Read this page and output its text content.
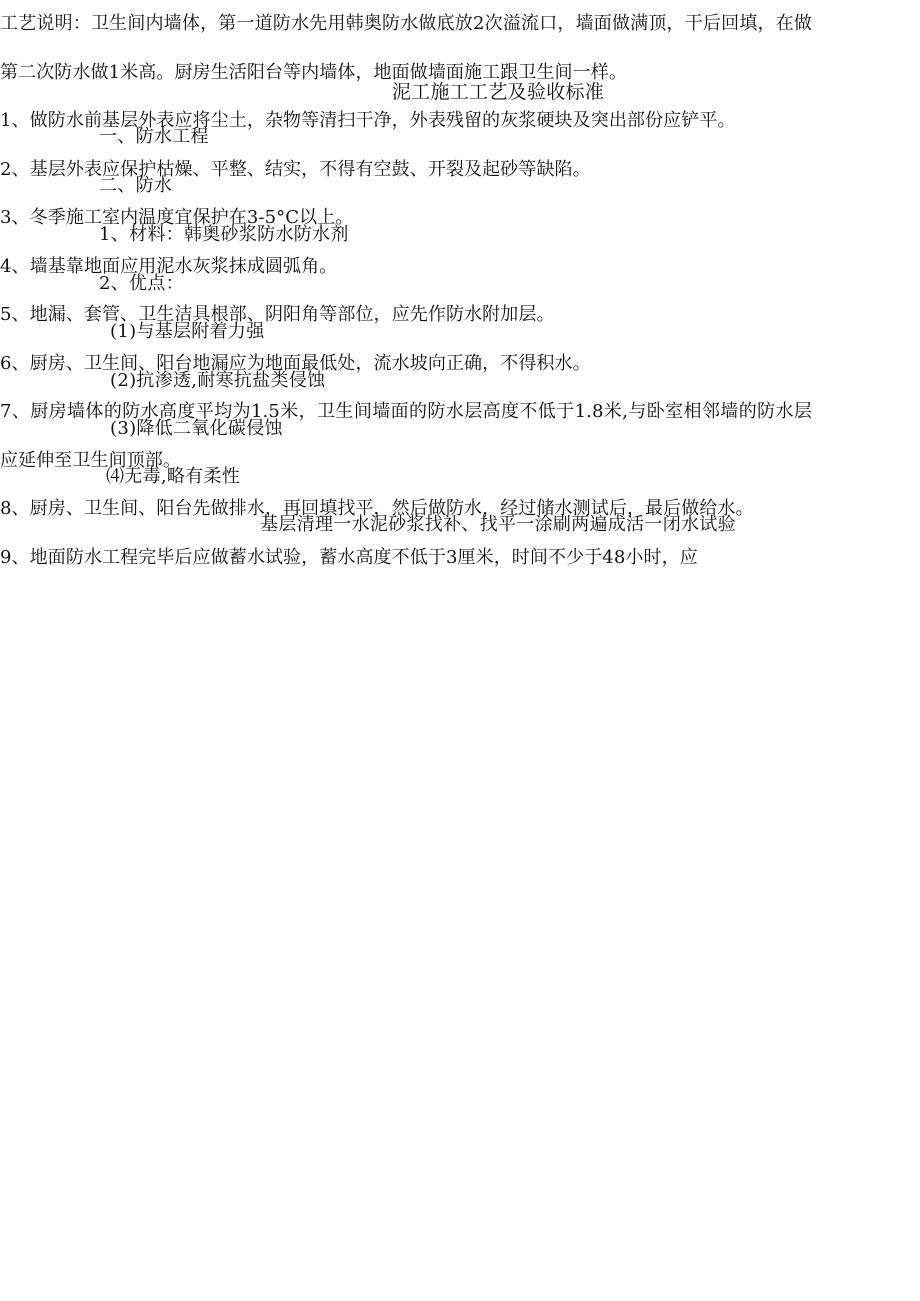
泥工施工工艺及验收标准
一、防水工程
二、防水
1、材料：韩奥砂浆防水防水剂
2、优点：
(1)与基层附着力强
(2)抗渗透,耐寒抗盐类侵蚀
(3)降低二氧化碳侵蚀
⑷无毒,略有柔性
基层清理一水泥砂浆找补、找平一涂刷两遍成活一闭水试验
工艺说明：卫生间内墙体，第一道防水先用韩奥防水做底放2次溢流口，墙面做满顶，干后回填，在做第二次防水做1米高。厨房生活阳台等内墙体，地面做墙面施工跟卫生间一样。
1、做防水前基层外表应将尘土，杂物等清扫干净，外表残留的灰浆硬块及突出部份应铲平。
2、基层外表应保护枯燥、平整、结实，不得有空鼓、开裂及起砂等缺陷。
3、冬季施工室内温度宜保护在3-5°C以上。
4、墙基靠地面应用泥水灰浆抹成圆弧角。
5、地漏、套管、卫生洁具根部、阴阳角等部位，应先作防水附加层。
6、厨房、卫生间、阳台地漏应为地面最低处，流水坡向正确，不得积水。
7、厨房墙体的防水高度平均为1.5米，卫生间墙面的防水层高度不低于1.8米,与卧室相邻墙的防水层应延伸至卫生间顶部。
8、厨房、卫生间、阳台先做排水，再回填找平，然后做防水，经过储水测试后，最后做给水。
9、地面防水工程完毕后应做蓄水试验，蓄水高度不低于3厘米，时间不少于48小时，应
